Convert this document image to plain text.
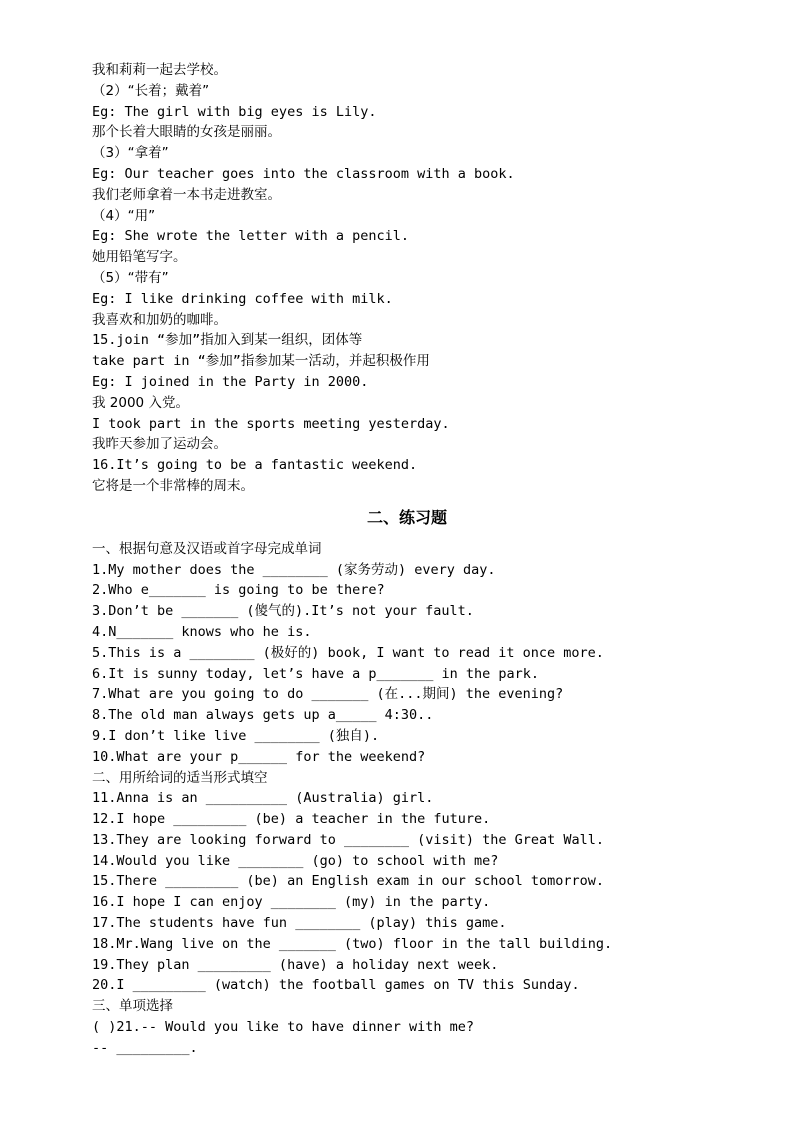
我和莉莉一起去学校。
（2）“长着；戴着”
Eg: The girl with big eyes is Lily.
那个长着大眼睛的女孩是丽丽。
（3）“拿着”
Eg: Our teacher goes into the classroom with a book.
我们老师拿着一本书走进教室。
（4）“用”
Eg: She wrote the letter with a pencil.
她用铅笔写字。
（5）“带有”
Eg: I like drinking coffee with milk.
我喜欢和加奶的咖啡。
15.join “参加”指加入到某一组织，团体等
take part in “参加”指参加某一活动，并起积极作用
Eg: I joined in the Party in 2000.
我 2000 入党。
I took part in the sports meeting yesterday.
我昨天参加了运动会。
16.It’s going to be a fantastic weekend.
它将是一个非常棒的周末。
二、练习题
一、根据句意及汉语或首字母完成单词
1.My mother does the ________ (家务劳动) every day.
2.Who e_______ is going to be there?
3.Don’t be _______ (傻气的).It’s not your fault.
4.N_______ knows who he is.
5.This is a ________ (极好的) book, I want to read it once more.
6.It is sunny today, let’s have a p_______ in the park.
7.What are you going to do _______ (在...期间) the evening?
8.The old man always gets up a_____ 4:30..
9.I don’t like live ________ (独自).
10.What are your p______ for the weekend?
二、用所给词的适当形式填空
11.Anna is an __________ (Australia) girl.
12.I hope _________ (be) a teacher in the future.
13.They are looking forward to ________ (visit) the Great Wall.
14.Would you like ________ (go) to school with me?
15.There _________ (be) an English exam in our school tomorrow.
16.I hope I can enjoy ________ (my) in the party.
17.The students have fun ________ (play) this game.
18.Mr.Wang live on the _______ (two) floor in the tall building.
19.They plan _________ (have) a holiday next week.
20.I _________ (watch) the football games on TV this Sunday.
三、单项选择
( )21.-- Would you like to have dinner with me?
-- _________.
